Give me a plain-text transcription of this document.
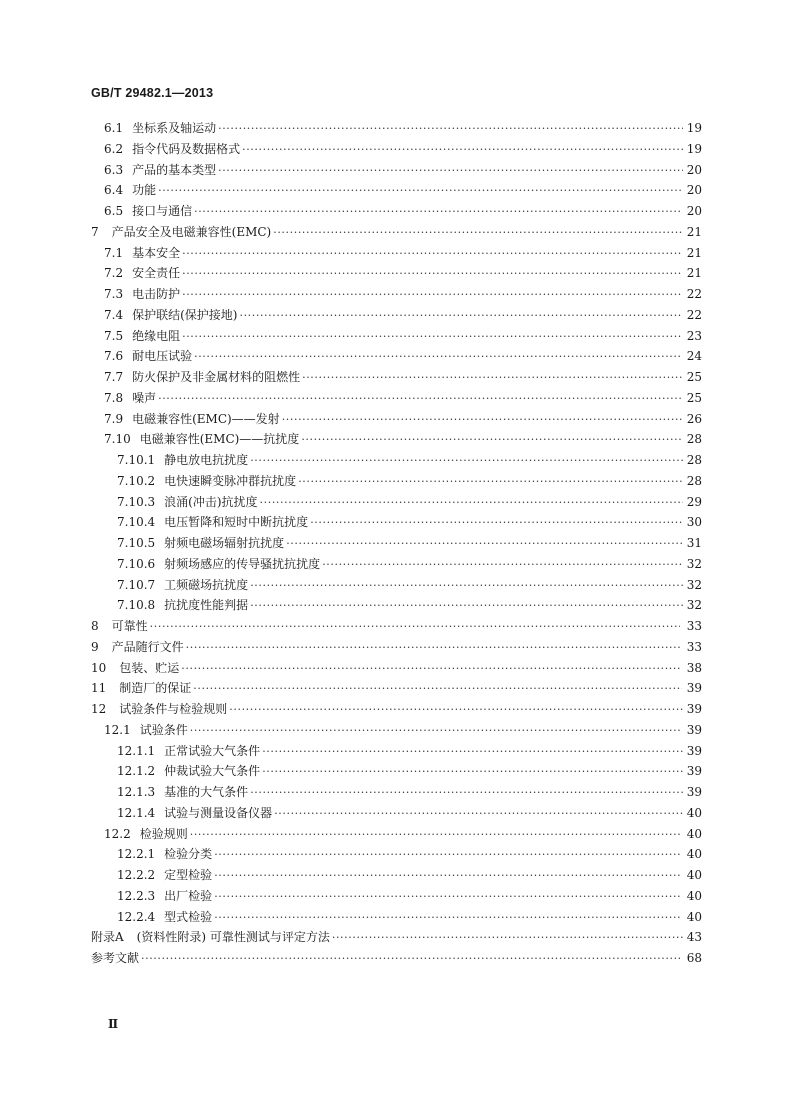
GB/T 29482.1—2013
6.1 坐标系及轴运动 ·····	19
6.2 指令代码及数据格式 ·····	19
6.3 产品的基本类型 ·····	20
6.4 功能 ·····	20
6.5 接口与通信 ·····	20
7	产品安全及电磁兼容性(EMC) ·····	21
7.1 基本安全 ·····	21
7.2 安全责任 ·····	21
7.3 电击防护 ·····	22
7.4 保护联结(保护接地) ·····	22
7.5 绝缘电阻 ·····	23
7.6 耐电压试验 ·····	24
7.7 防火保护及非金属材料的阻燃性 ·····	25
7.8 噪声 ·····	25
7.9 电磁兼容性(EMC)——发射 ·····	26
7.10 电磁兼容性(EMC)——抗扰度 ·····	28
7.10.1 静电放电抗扰度 ·····	28
7.10.2 电快速瞬变脉冲群抗扰度 ·····	28
7.10.3 浪涌(冲击)抗扰度 ·····	29
7.10.4 电压暂降和短时中断抗扰度 ·····	30
7.10.5 射频电磁场辐射抗扰度 ·····	31
7.10.6 射频场感应的传导骚扰抗扰度 ·····	32
7.10.7 工频磁场抗扰度 ·····	32
7.10.8 抗扰度性能判据 ·····	32
8	可靠性 ·····	33
9	产品随行文件 ·····	33
10	包装、贮运 ·····	38
11	制造厂的保证 ·····	39
12	试验条件与检验规则 ·····	39
12.1 试验条件 ·····	39
12.1.1 正常试验大气条件 ·····	39
12.1.2 仲裁试验大气条件 ·····	39
12.1.3 基准的大气条件 ·····	39
12.1.4 试验与测量设备仪器 ·····	40
12.2 检验规则 ·····	40
12.2.1 检验分类 ·····	40
12.2.2 定型检验 ·····	40
12.2.3 出厂检验 ·····	40
12.2.4 型式检验 ·····	40
附录A	(资料性附录) 可靠性测试与评定方法 ·····	43
参考文献 ·····	68
Ⅱ
